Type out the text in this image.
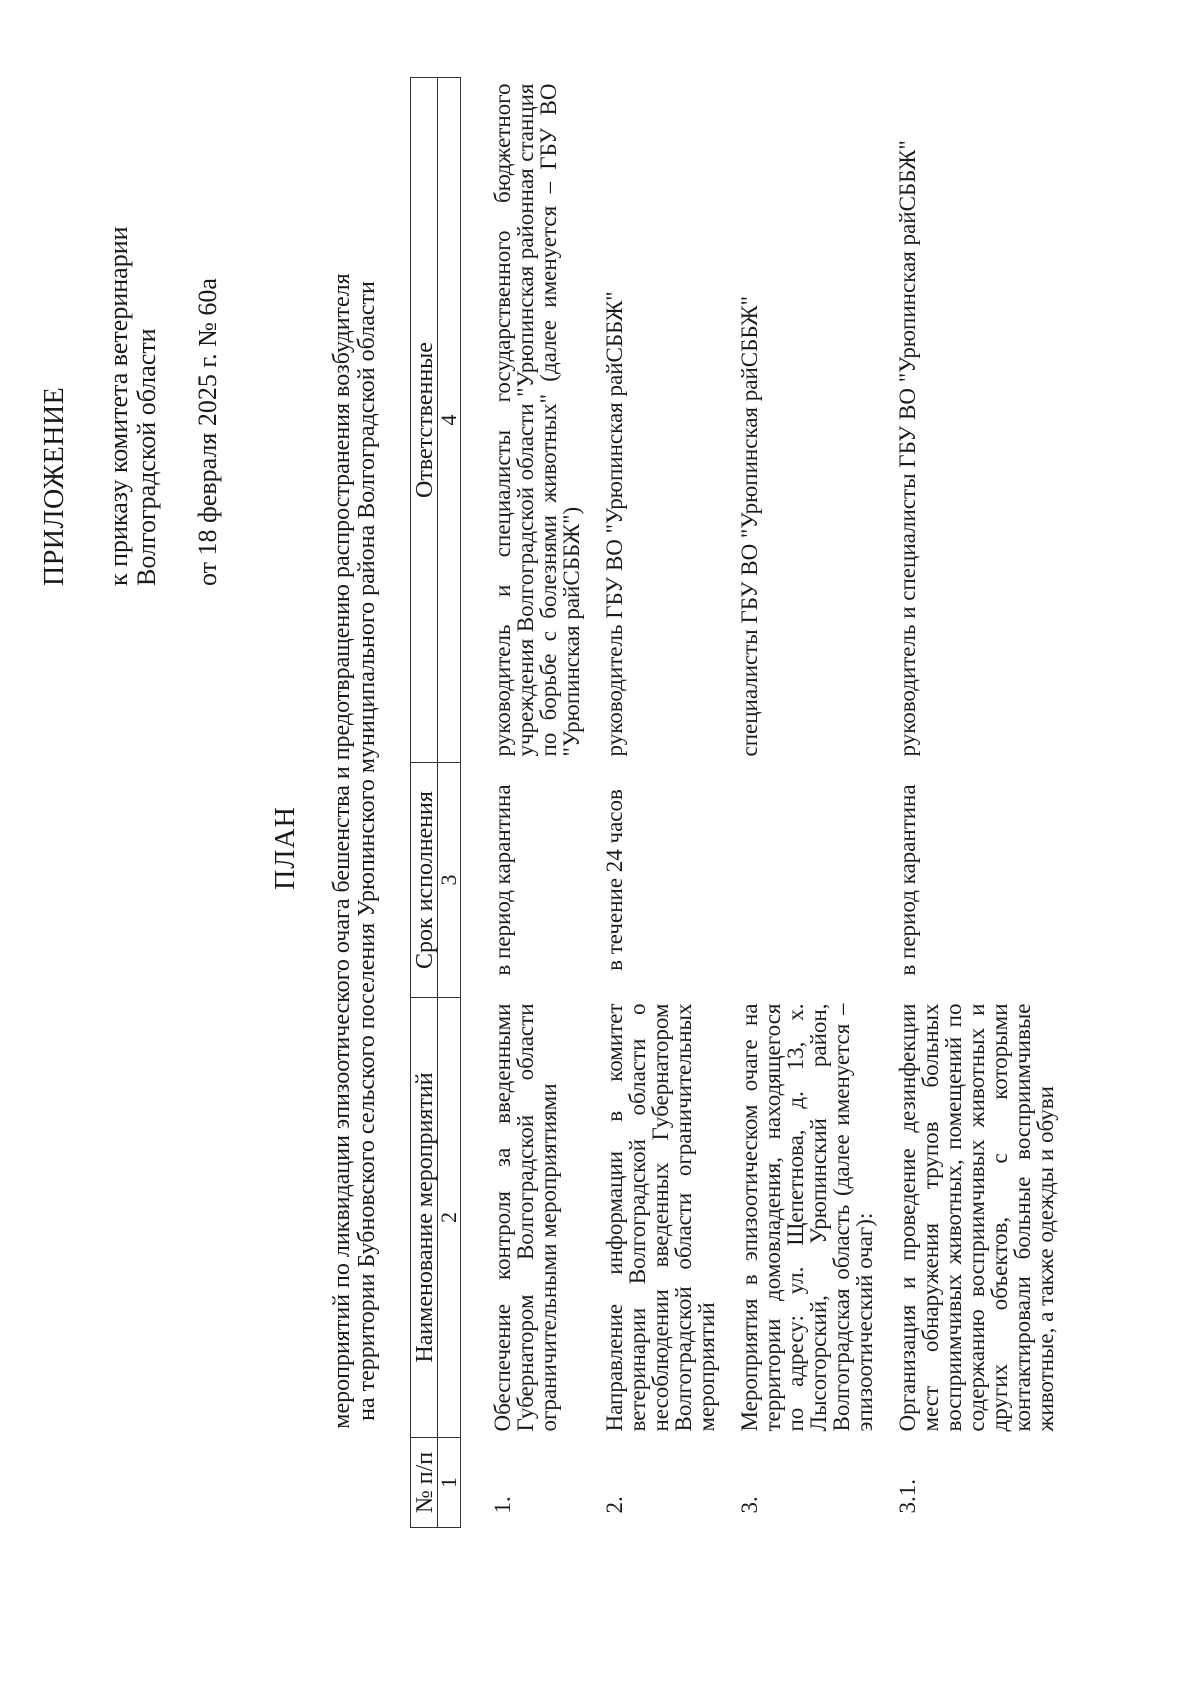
ПРИЛОЖЕНИЕ к приказу комитета ветеринарии Волгоградской области от 18 февраля 2025 г. № 60а
ПЛАН мероприятий по ликвидации эпизоотического очага бешенства и предотвращению распространения возбудителя на территории Бубновского сельского поселения Урюпинского муниципального района Волгоградской области
№ п/п	Наименование мероприятий	Срок исполнения	Ответственные
1	2	3	4
1.	Обеспечение контроля за введенными Губернатором Волгоградской области ограничительными мероприятиями	в период карантина	руководитель и специалисты государственного бюджетного учреждения Волгоградской области "Урюпинская районная станция по борьбе с болезнями животных" (далее именуется – ГБУ ВО "Урюпинская райСББЖ")
2.	Направление информации в комитет ветеринарии Волгоградской области о несоблюдении введенных Губернатором Волгоградской области ограничительных мероприятий	в течение 24 часов	руководитель ГБУ ВО "Урюпинская райСББЖ"
3.	Мероприятия в эпизоотическом очаге на территории домовладения, находящегося по адресу: ул. Щепетнова, д. 13, х. Лысогорский, Урюпинский район, Волгоградская область (далее именуется – эпизоотический очаг):		специалисты ГБУ ВО "Урюпинская райСББЖ"
3.1.	Организация и проведение дезинфекции мест обнаружения трупов больных восприимчивых животных, помещений по содержанию восприимчивых животных и других объектов, с которыми контактировали больные восприимчивые животные, а также одежды и обуви	в период карантина	руководитель и специалисты ГБУ ВО "Урюпинская райСББЖ"
